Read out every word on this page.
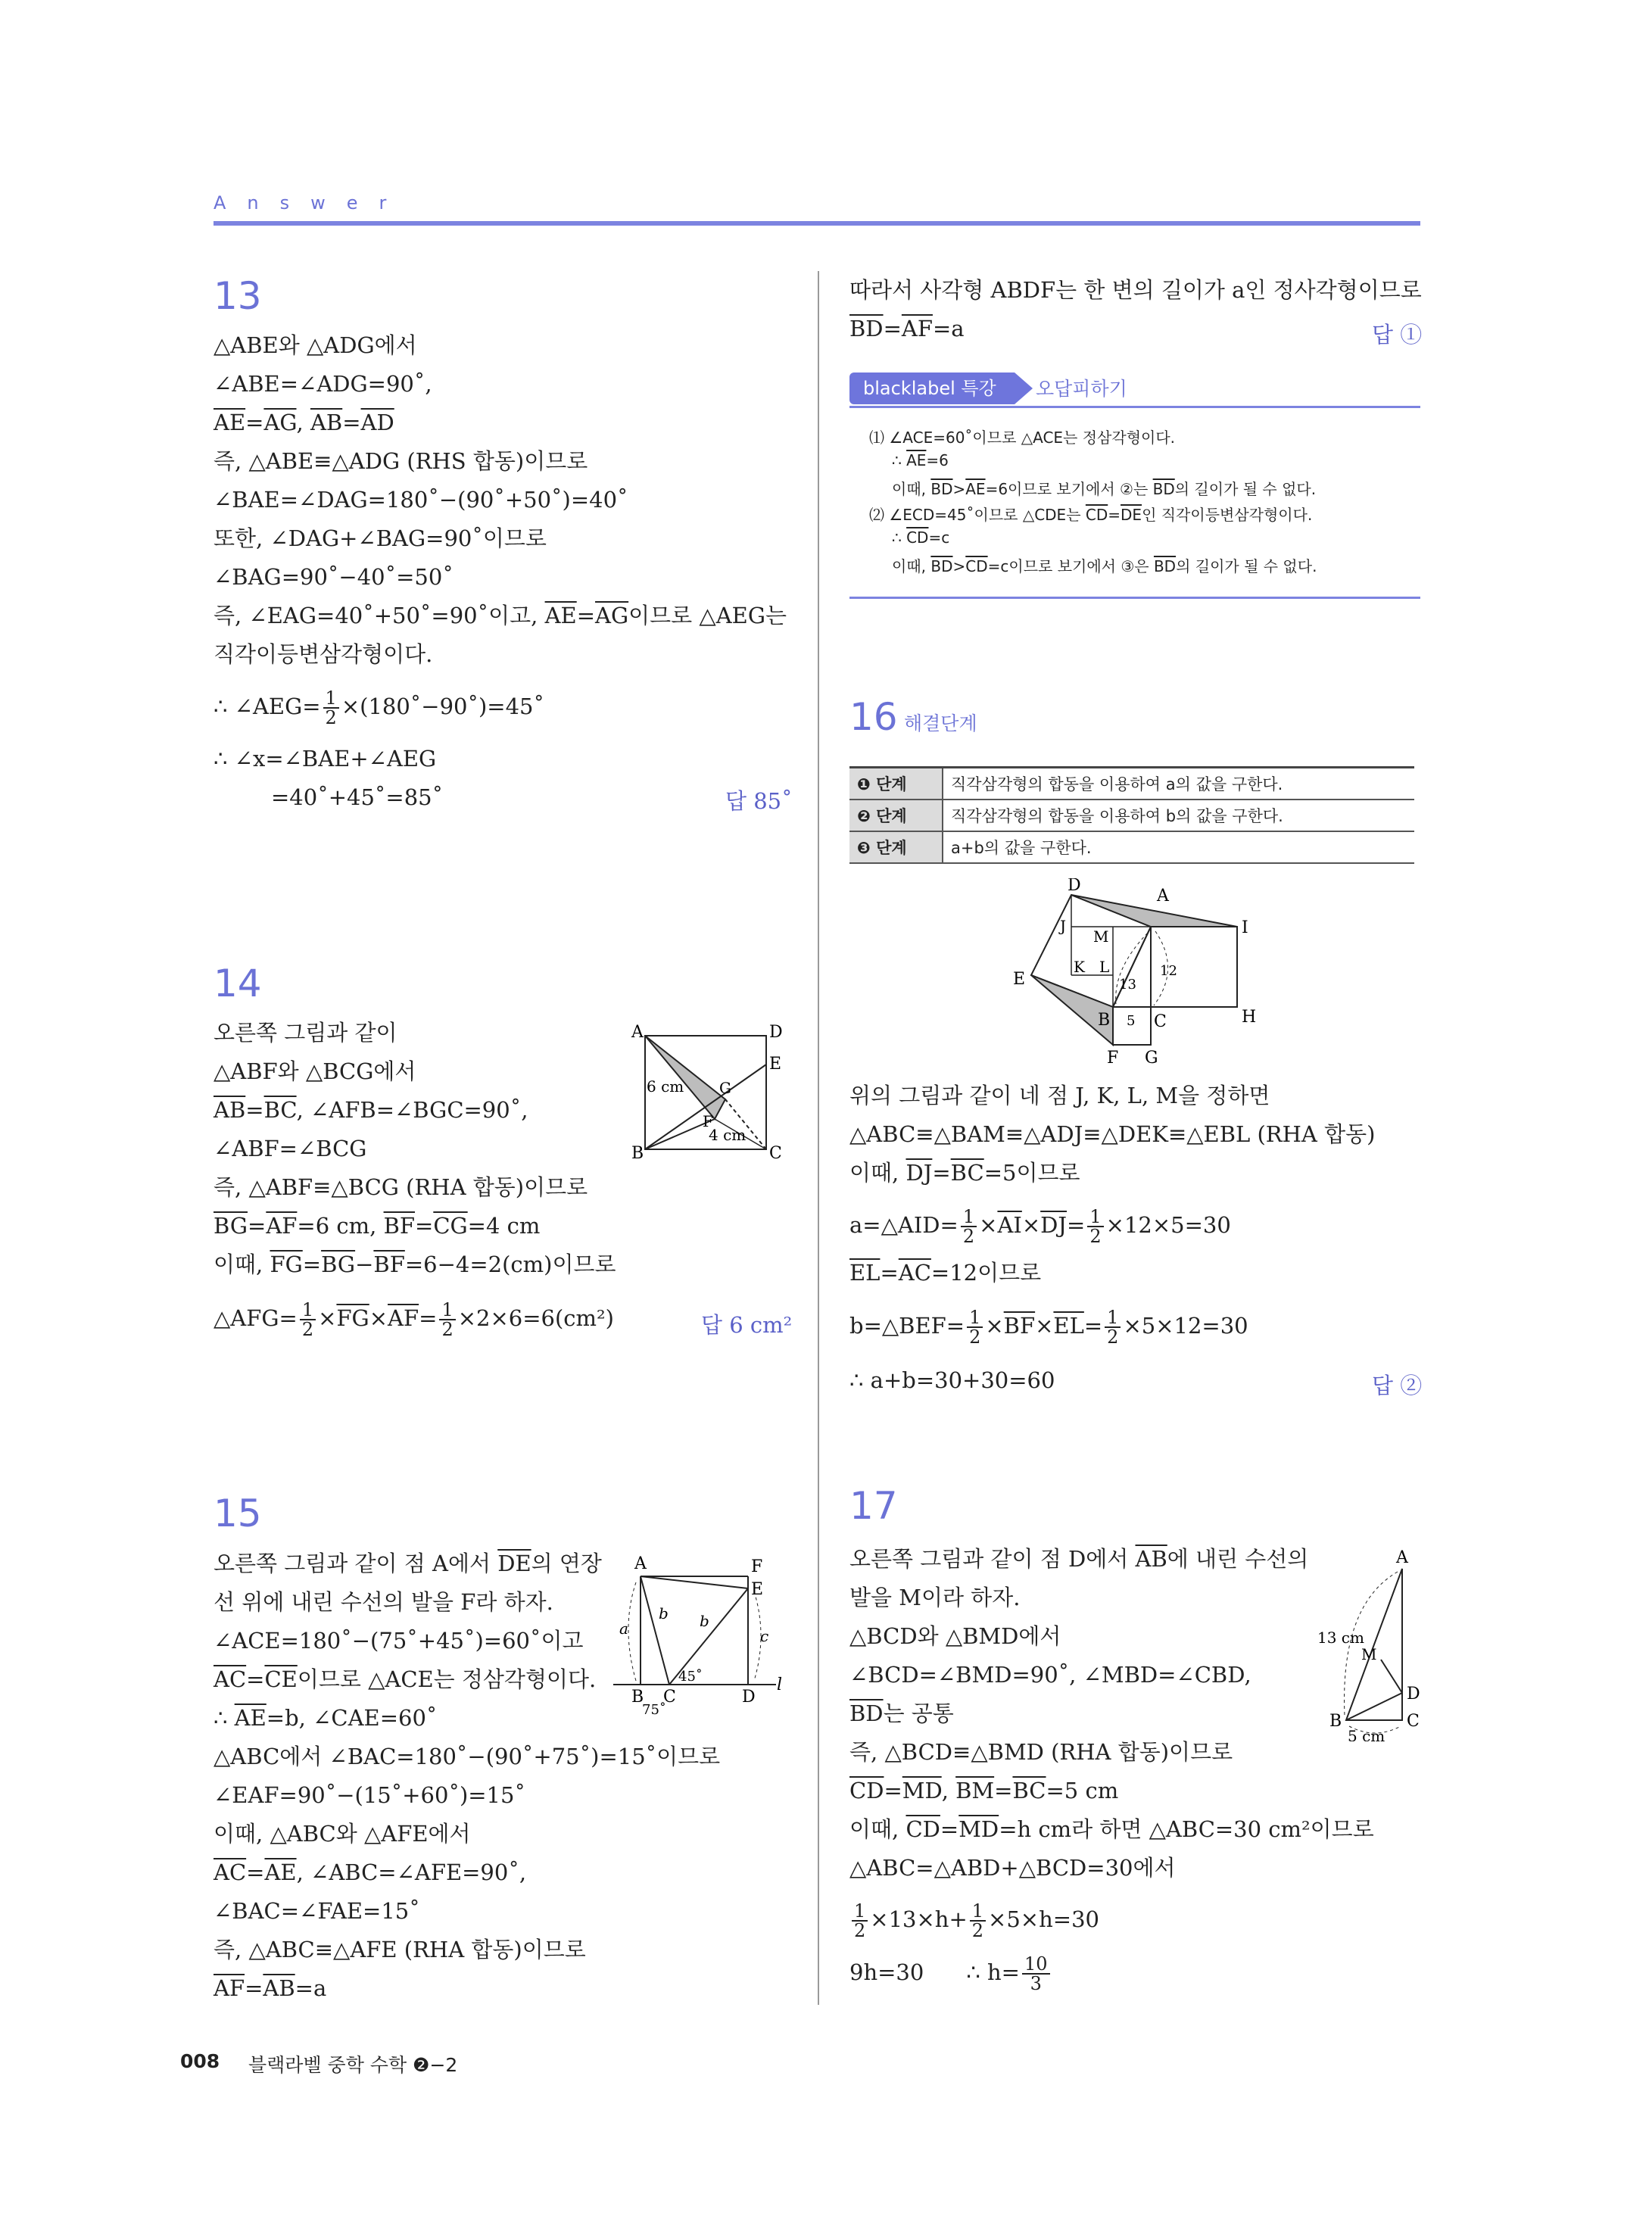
Answer
13
△ABE와 △ADG에서
∠ABE=∠ADG=90˚,
$\overline{AE}=\overline{AG}$, $\overline{AB}=\overline{AD}$
즉, △ABE≡△ADG (RHS 합동)이므로
∠BAE=∠DAG=180˚−(90˚+50˚)=40˚
또한, ∠DAG+∠BAG=90˚이므로
∠BAG=90˚−40˚=50˚
즉, ∠EAG=40˚+50˚=90˚이고, $\overline{AE}=\overline{AG}$이므로 △AEG는
직각이등변삼각형이다.
∴ ∠AEG= $\frac{1}{2}$ ×(180˚−90˚)=45˚
∴ ∠x=∠BAE+∠AEG
=40˚+45˚=85˚	답 85˚
14
오른쪽 그림과 같이
△ABF와 △BCG에서
$\overline{AB}=\overline{BC}$, ∠AFB=∠BGC=90˚,
∠ABF=∠BCG
즉, △ABF≡△BCG (RHA 합동)이므로
$\overline{BG}=\overline{AF}=6$ cm, $\overline{BF}=\overline{CG}=4$ cm
이때, $\overline{FG}=\overline{BG}-\overline{BF}=6-4=2(cm)$이므로
△AFG= $\frac{1}{2} \times\overline{FG}\times\overline{AF}= \frac{1}{2} \times 2\times 6=6(cm^2)$	답 6 cm²
A
B	C
D
E
F
G
6 cm
4 cm
15
오른쪽 그림과 같이 점 A에서 $\overline{DE}$의 연장
선 위에 내린 수선의 발을 F라 하자.
∠ACE=180˚−(75˚+45˚)=60˚이고
$\overline{AC}=\overline{CE}$이므로 △ACE는 정삼각형이다.
∴ $\overline{AE}=b$, ∠CAE=60˚
△ABC에서 ∠BAC=180˚−(90˚+75˚)=15˚이므로
∠EAF=90˚−(15˚+60˚)=15˚
이때, △ABC와 △AFE에서
$\overline{AC}=\overline{AE}$, ∠ABC=∠AFE=90˚,
∠BAC=∠FAE=15˚
즉, △ABC≡△AFE (RHA 합동)이므로
$\overline{AF}=\overline{AB}=a$
A	F
E
B C	D
l
a
b b
c
45˚
75˚
따라서 사각형 ABDF는 한 변의 길이가 a인 정사각형이므로
$\overline{BD}=\overline{AF}=a$	답 ①
blacklabel 특강	오답피하기
⑴ ∠ACE=60˚이므로 △ACE는 정삼각형이다.
∴ $\overline{AE}=6$
이때, $\overline{BD}>\overline{AE}=6$이므로 보기에서 ②는 $\overline{BD}$의 길이가 될 수 없다.
⑵ ∠ECD=45˚이므로 △CDE는 $\overline{CD}=\overline{DE}$인 직각이등변삼각형이다.
∴ $\overline{CD}=c$
이때, $\overline{BD}>\overline{CD}=c$이므로 보기에서 ③은 $\overline{BD}$의 길이가 될 수 없다.
16 해결단계
❶ 단계	직각삼각형의 합동을 이용하여 a의 값을 구한다.
❷ 단계	직각삼각형의 합동을 이용하여 b의 값을 구한다.
❸ 단계	a+b의 값을 구한다.
D
A
I
H
E
B	C
F G
J
K L
M
12
13
5
위의 그림과 같이 네 점 J, K, L, M을 정하면
△ABC≡△BAM≡△ADJ≡△DEK≡△EBL (RHA 합동)
이때, $\overline{DJ}=\overline{BC}=5$이므로
a=△AID= $\frac{1}{2} \times\overline{AI}\times\overline{DJ}= \frac{1}{2} \times 12\times 5=30$
$\overline{EL}=\overline{AC}=12$이므로
b=△BEF= $\frac{1}{2} \times\overline{BF}\times\overline{EL}= \frac{1}{2} \times 5\times 12=30$
∴ a+b=30+30=60	답 ②
17
오른쪽 그림과 같이 점 D에서 $\overline{AB}$에 내린 수선의
발을 M이라 하자.
△BCD와 △BMD에서
∠BCD=∠BMD=90˚, ∠MBD=∠CBD,
$\overline{BD}$는 공통
즉, △BCD≡△BMD (RHA 합동)이므로
$\overline{CD}=\overline{MD}$, $\overline{BM}=\overline{BC}=5$ cm
이때, $\overline{CD}=\overline{MD}=h$ cm라 하면 △ABC=30 cm²이므로
△ABC=△ABD+△BCD=30에서
$\frac{1}{2} \times 13\times h+ \frac{1}{2} \times 5\times h=30$
9h=30 ∴ $h= \frac{10}{3}$
A
B	C
D
M
13 cm
5 cm
008 블랙라벨 중학 수학 ❷−2
